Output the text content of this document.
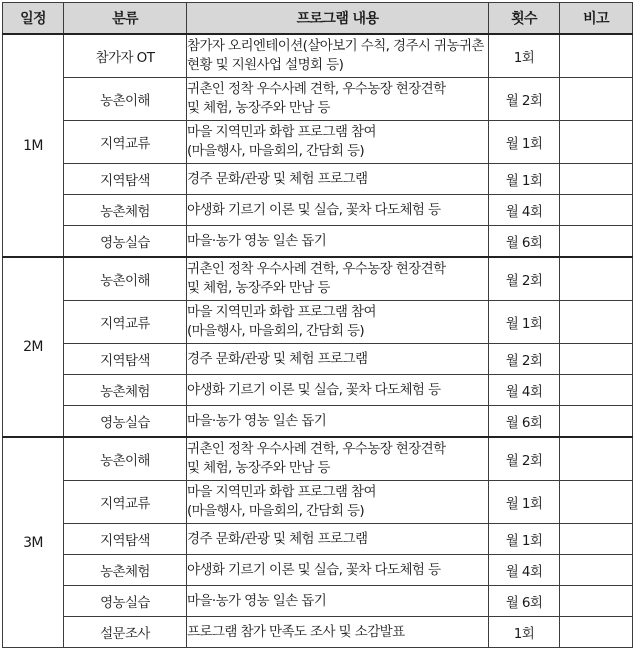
일정	분류	프로그램 내용	횟수	비고
1M	참가자 OT	참가자 오리엔테이션(살아보기 수칙, 경주시 귀농귀촌
현황 및 지원사업 설명회 등)	1회	
	농촌이해	귀촌인 정착 우수사례 견학, 우수농장 현장견학
및 체험, 농장주와 만남 등	월 2회	
	지역교류	마을 지역민과 화합 프로그램 참여
(마을행사, 마을회의, 간담회 등)	월 1회	
	지역탐색	경주 문화/관광 및 체험 프로그램	월 1회	
	농촌체험	야생화 기르기 이론 및 실습, 꽃차 다도체험 등	월 4회	
	영농실습	마을·농가 영농 일손 돕기	월 6회	
2M	농촌이해	귀촌인 정착 우수사례 견학, 우수농장 현장견학
및 체험, 농장주와 만남 등	월 2회	
	지역교류	마을 지역민과 화합 프로그램 참여
(마을행사, 마을회의, 간담회 등)	월 1회	
	지역탐색	경주 문화/관광 및 체험 프로그램	월 2회	
	농촌체험	야생화 기르기 이론 및 실습, 꽃차 다도체험 등	월 4회	
	영농실습	마을·농가 영농 일손 돕기	월 6회	
3M	농촌이해	귀촌인 정착 우수사례 견학, 우수농장 현장견학
및 체험, 농장주와 만남 등	월 2회	
	지역교류	마을 지역민과 화합 프로그램 참여
(마을행사, 마을회의, 간담회 등)	월 1회	
	지역탐색	경주 문화/관광 및 체험 프로그램	월 1회	
	농촌체험	야생화 기르기 이론 및 실습, 꽃차 다도체험 등	월 4회	
	영농실습	마을·농가 영농 일손 돕기	월 6회	
	설문조사	프로그램 참가 만족도 조사 및 소감발표	1회	
